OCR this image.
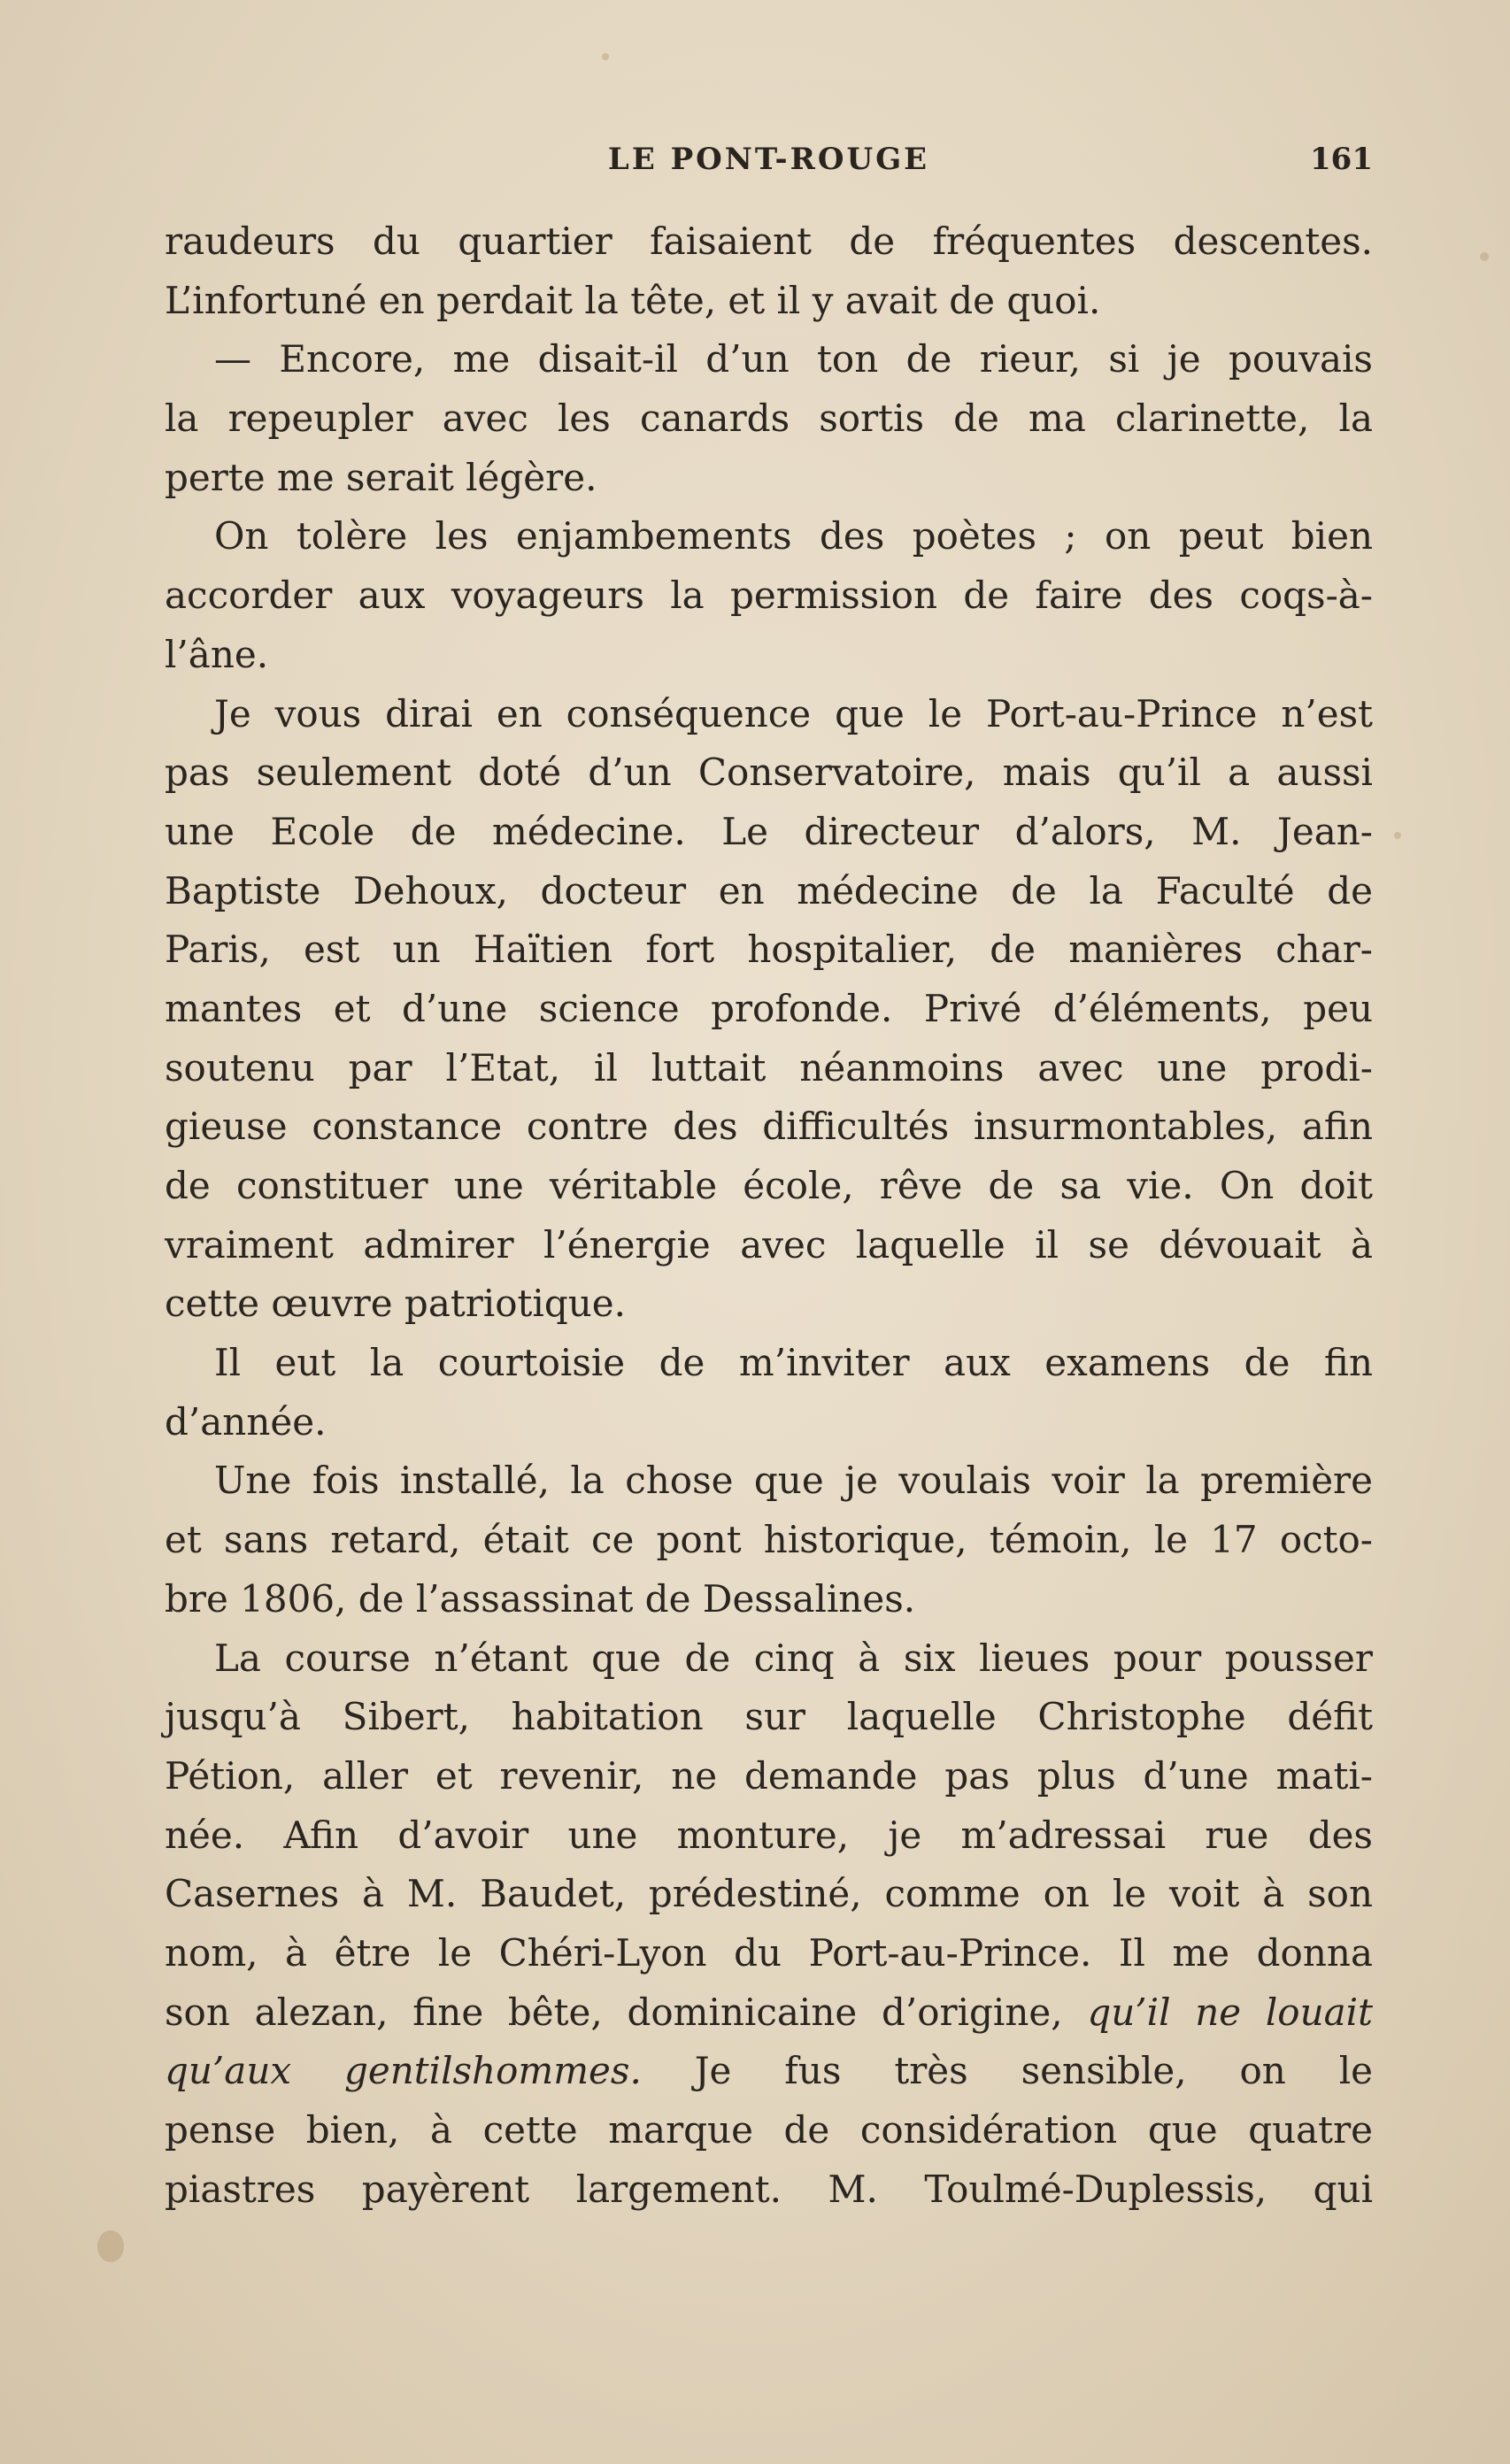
LE PONT-ROUGE	161
raudeurs du quartier faisaient de fréquentes descentes.
L’infortuné en perdait la tête, et il y avait de quoi.
— Encore, me disait-il d’un ton de rieur, si je pouvais
la repeupler avec les canards sortis de ma clarinette, la
perte me serait légère.
On tolère les enjambements des poètes ; on peut bien
accorder aux voyageurs la permission de faire des coqs-à-
l’âne.
Je vous dirai en conséquence que le Port-au-Prince n’est
pas seulement doté d’un Conservatoire, mais qu’il a aussi
une Ecole de médecine. Le directeur d’alors, M. Jean-
Baptiste Dehoux, docteur en médecine de la Faculté de
Paris, est un Haïtien fort hospitalier, de manières char-
mantes et d’une science profonde. Privé d’éléments, peu
soutenu par l’Etat, il luttait néanmoins avec une prodi-
gieuse constance contre des difficultés insurmontables, afin
de constituer une véritable école, rêve de sa vie. On doit
vraiment admirer l’énergie avec laquelle il se dévouait à
cette œuvre patriotique.
Il eut la courtoisie de m’inviter aux examens de fin
d’année.
Une fois installé, la chose que je voulais voir la première
et sans retard, était ce pont historique, témoin, le 17 octo-
bre 1806, de l’assassinat de Dessalines.
La course n’étant que de cinq à six lieues pour pousser
jusqu’à Sibert, habitation sur laquelle Christophe défit
Pétion, aller et revenir, ne demande pas plus d’une mati-
née. Afin d’avoir une monture, je m’adressai rue des
Casernes à M. Baudet, prédestiné, comme on le voit à son
nom, à être le Chéri-Lyon du Port-au-Prince. Il me donna
son alezan, fine bête, dominicaine d’origine, qu’il ne louait
qu’aux gentilshommes. Je fus très sensible, on le
pense bien, à cette marque de considération que quatre
piastres payèrent largement. M. Toulmé-Duplessis, qui
